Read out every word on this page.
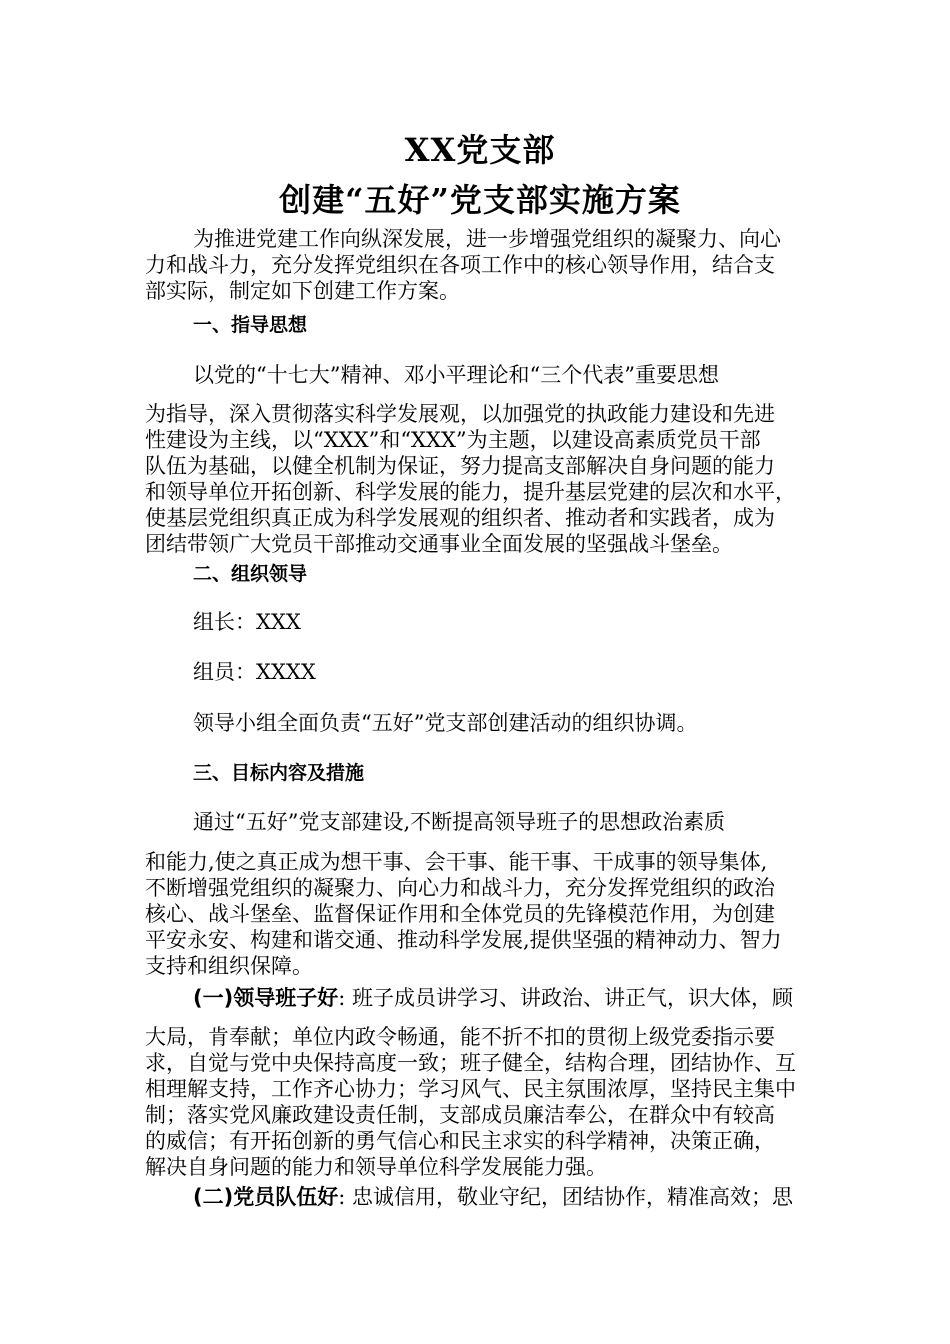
XX党支部
创建“五好”党支部实施方案
为推进党建工作向纵深发展，进一步增强党组织的凝聚力、向心
力和战斗力，充分发挥党组织在各项工作中的核心领导作用，结合支
部实际，制定如下创建工作方案。
一、指导思想
以党的“十七大”精神、邓小平理论和“三个代表”重要思想
为指导，深入贯彻落实科学发展观，以加强党的执政能力建设和先进
性建设为主线，以“XXX”和“XXX”为主题，以建设高素质党员干部
队伍为基础，以健全机制为保证，努力提高支部解决自身问题的能力
和领导单位开拓创新、科学发展的能力，提升基层党建的层次和水平，
使基层党组织真正成为科学发展观的组织者、推动者和实践者，成为
团结带领广大党员干部推动交通事业全面发展的坚强战斗堡垒。
二、组织领导
组长：XXX
组员：XXXX
领导小组全面负责“五好”党支部创建活动的组织协调。
三、目标内容及措施
通过“五好”党支部建设,不断提高领导班子的思想政治素质
和能力,使之真正成为想干事、会干事、能干事、干成事的领导集体,
不断增强党组织的凝聚力、向心力和战斗力，充分发挥党组织的政治
核心、战斗堡垒、监督保证作用和全体党员的先锋模范作用，为创建
平安永安、构建和谐交通、推动科学发展,提供坚强的精神动力、智力
支持和组织保障。
(一)领导班子好: 班子成员讲学习、讲政治、讲正气，识大体，顾
大局，肯奉献；单位内政令畅通，能不折不扣的贯彻上级党委指示要
求，自觉与党中央保持高度一致；班子健全，结构合理，团结协作、互
相理解支持，工作齐心协力；学习风气、民主氛围浓厚，坚持民主集中
制；落实党风廉政建设责任制，支部成员廉洁奉公，在群众中有较高
的威信；有开拓创新的勇气信心和民主求实的科学精神，决策正确，
解决自身问题的能力和领导单位科学发展能力强。
(二)党员队伍好: 忠诚信用，敬业守纪，团结协作，精准高效；思
